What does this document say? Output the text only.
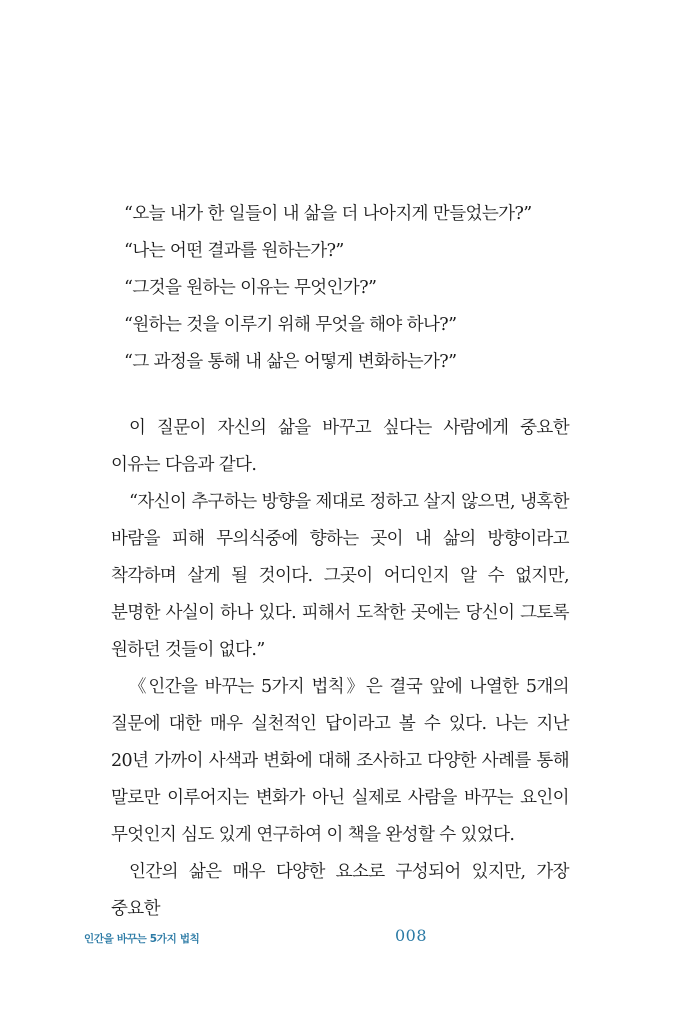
“오늘 내가 한 일들이 내 삶을 더 나아지게 만들었는가?”
“나는 어떤 결과를 원하는가?”
“그것을 원하는 이유는 무엇인가?”
“원하는 것을 이루기 위해 무엇을 해야 하나?”
“그 과정을 통해 내 삶은 어떻게 변화하는가?”

이 질문이 자신의 삶을 바꾸고 싶다는 사람에게 중요한 이유는 다음과 같다.

“자신이 추구하는 방향을 제대로 정하고 살지 않으면, 냉혹한 바람을 피해 무의식중에 향하는 곳이 내 삶의 방향이라고 착각하며 살게 될 것이다. 그곳이 어디인지 알 수 없지만, 분명한 사실이 하나 있다. 피해서 도착한 곳에는 당신이 그토록 원하던 것들이 없다.”

《인간을 바꾸는 5가지 법칙》은 결국 앞에 나열한 5개의 질문에 대한 매우 실천적인 답이라고 볼 수 있다. 나는 지난 20년 가까이 사색과 변화에 대해 조사하고 다양한 사례를 통해 말로만 이루어지는 변화가 아닌 실제로 사람을 바꾸는 요인이 무엇인지 심도 있게 연구하여 이 책을 완성할 수 있었다.

인간의 삶은 매우 다양한 요소로 구성되어 있지만, 가장 중요한

인간을 바꾸는 5가지 법칙	008
